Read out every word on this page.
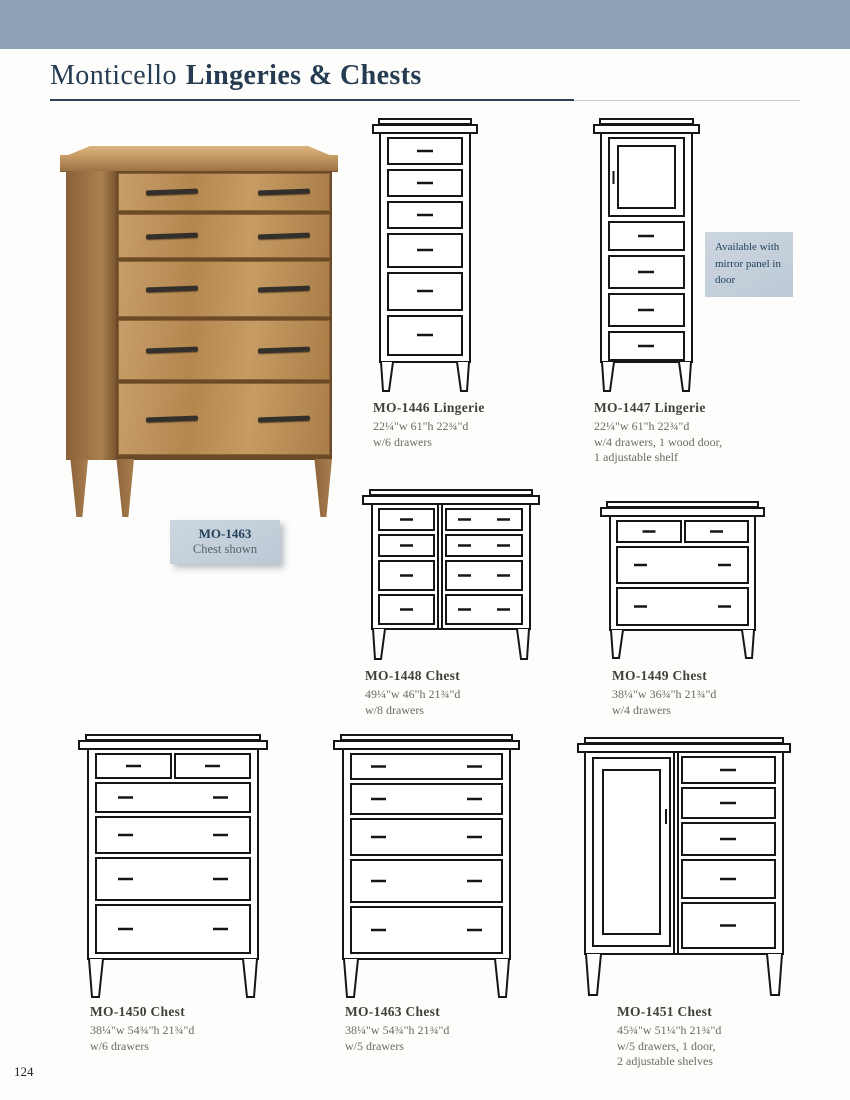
Monticello Lingeries & Chests
MO-1463
Chest shown
Available with mirror panel in door
MO-1446 Lingerie
22¼"w 61"h 22¾"d
w/6 drawers
MO-1447 Lingerie
22¼"w 61"h 22¾"d
w/4 drawers, 1 wood door,
1 adjustable shelf
MO-1448 Chest
49¼"w 46"h 21¾"d
w/8 drawers
MO-1449 Chest
38¼"w 36¾"h 21¾"d
w/4 drawers
MO-1450 Chest
38¼"w 54¾"h 21¾"d
w/6 drawers
MO-1463 Chest
38¼"w 54¾"h 21¾"d
w/5 drawers
MO-1451 Chest
45¾"w 51¼"h 21¾"d
w/5 drawers, 1 door,
2 adjustable shelves
124
